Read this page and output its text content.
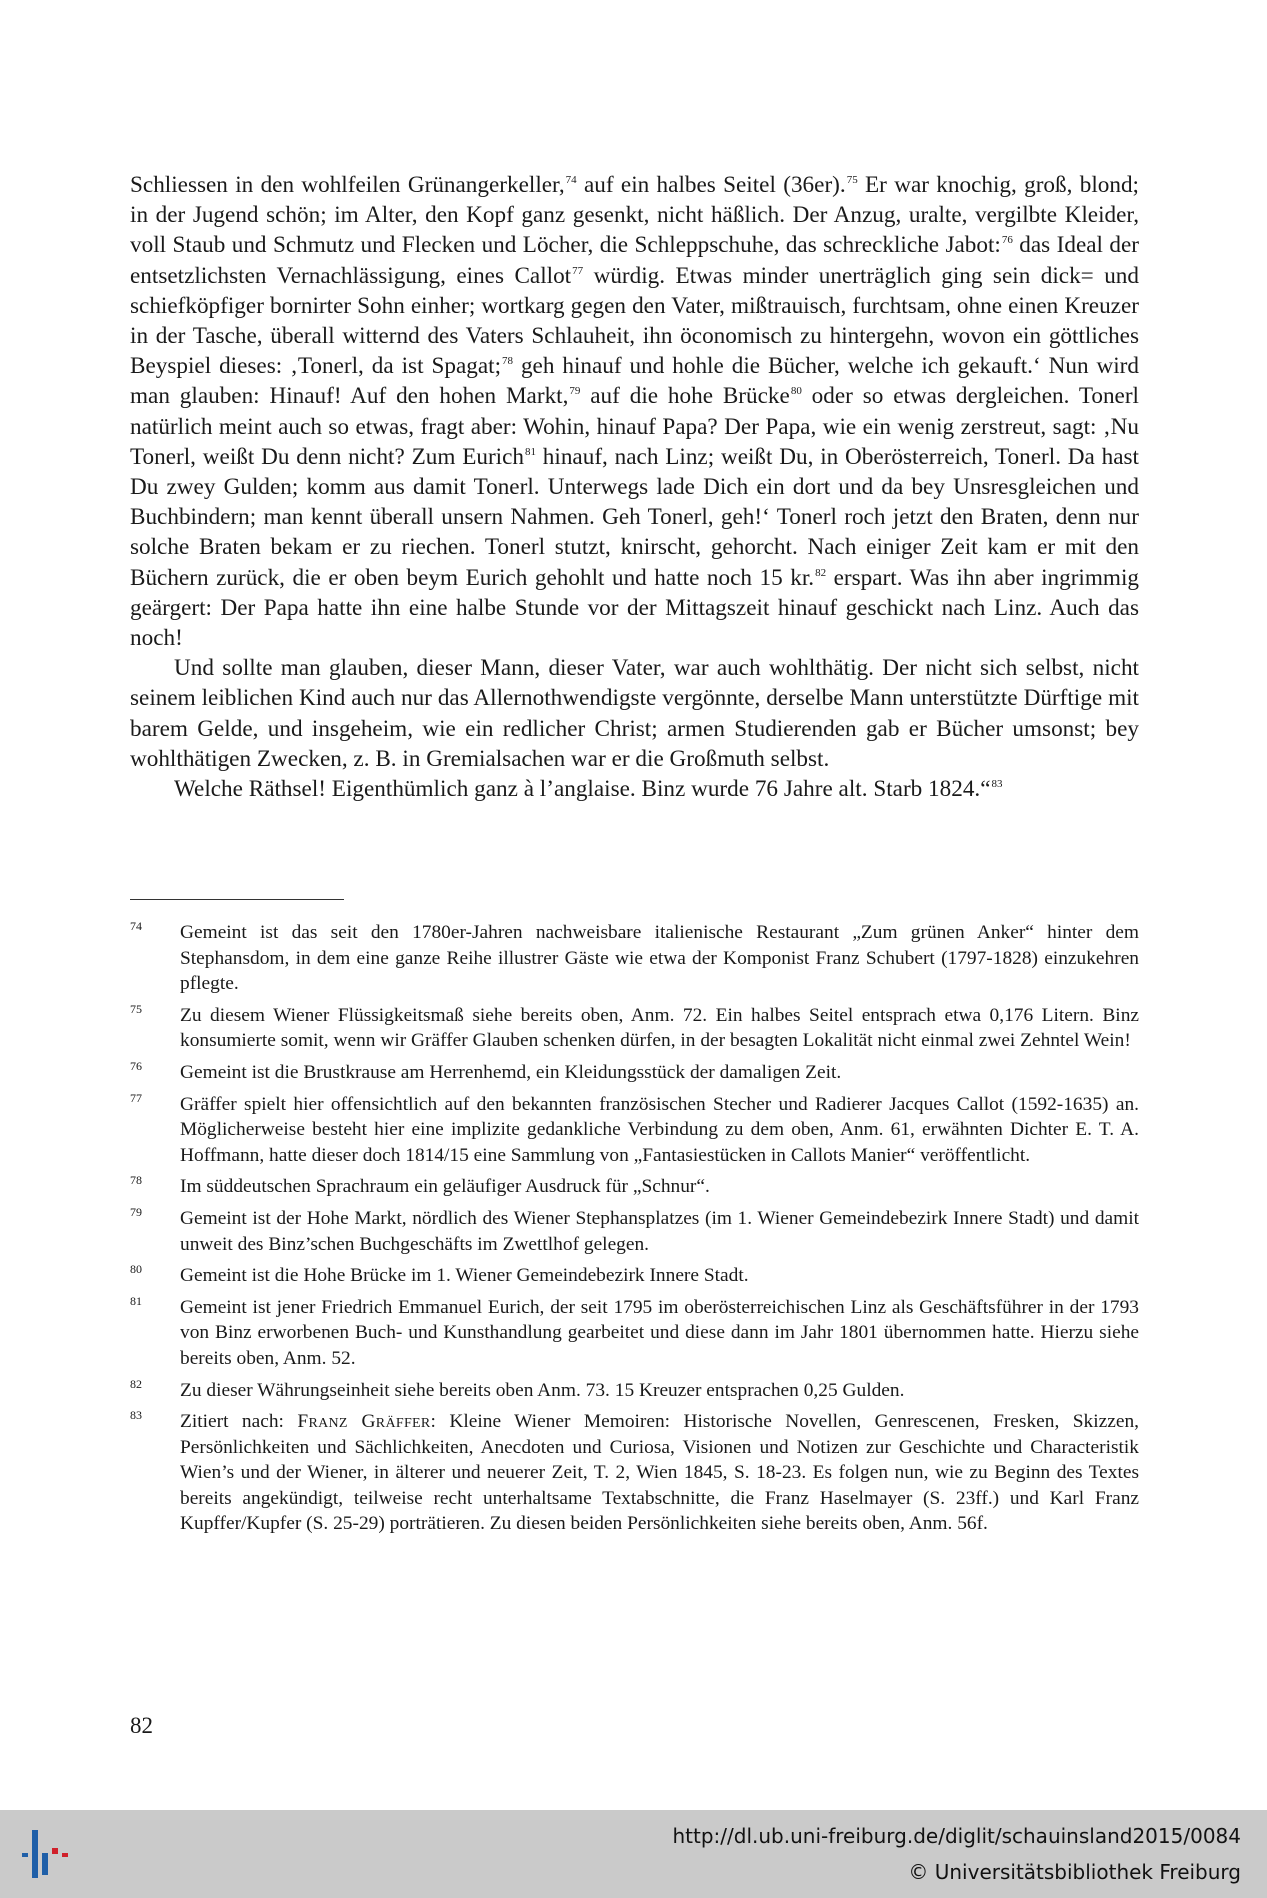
Schliessen in den wohlfeilen Grünangerkeller,$^{74}$ auf ein halbes Seitel (36er).$^{75}$ Er war knochig, groß, blond; in der Jugend schön; im Alter, den Kopf ganz gesenkt, nicht häßlich. Der Anzug, uralte, vergilbte Kleider, voll Staub und Schmutz und Flecken und Löcher, die Schleppschuhe, das schreckliche Jabot:$^{76}$ das Ideal der entsetzlichsten Vernachlässigung, eines Callot$^{77}$ würdig. Etwas minder unerträglich ging sein dick= und schiefköpfiger bornirter Sohn einher; wortkarg gegen den Vater, mißtrauisch, furchtsam, ohne einen Kreuzer in der Tasche, überall witternd des Vaters Schlauheit, ihn öconomisch zu hintergehn, wovon ein göttliches Beyspiel dieses: ‚Tonerl, da ist Spagat;$^{78}$ geh hinauf und hohle die Bücher, welche ich gekauft.‘ Nun wird man glauben: Hinauf! Auf den hohen Markt,$^{79}$ auf die hohe Brücke$^{80}$ oder so etwas dergleichen. Tonerl natürlich meint auch so etwas, fragt aber: Wohin, hinauf Papa? Der Papa, wie ein wenig zerstreut, sagt: ‚Nu Tonerl, weißt Du denn nicht? Zum Eurich$^{81}$ hinauf, nach Linz; weißt Du, in Oberösterreich, Tonerl. Da hast Du zwey Gulden; komm aus damit Tonerl. Unterwegs lade Dich ein dort und da bey Unsresgleichen und Buchbindern; man kennt überall unsern Nahmen. Geh Tonerl, geh!‘ Tonerl roch jetzt den Braten, denn nur solche Braten bekam er zu riechen. Tonerl stutzt, knirscht, gehorcht. Nach einiger Zeit kam er mit den Büchern zurück, die er oben beym Eurich gehohlt und hatte noch 15 kr.$^{82}$ erspart. Was ihn aber ingrimmig geärgert: Der Papa hatte ihn eine halbe Stunde vor der Mittagszeit hinauf geschickt nach Linz. Auch das noch!

Und sollte man glauben, dieser Mann, dieser Vater, war auch wohlthätig. Der nicht sich selbst, nicht seinem leiblichen Kind auch nur das Allernothwendigste vergönnte, derselbe Mann unterstützte Dürftige mit barem Gelde, und insgeheim, wie ein redlicher Christ; armen Studierenden gab er Bücher umsonst; bey wohlthätigen Zwecken, z. B. in Gremialsachen war er die Großmuth selbst.

Welche Räthsel! Eigenthümlich ganz à l’anglaise. Binz wurde 76 Jahre alt. Starb 1824.“$^{83}$

74 Gemeint ist das seit den 1780er-Jahren nachweisbare italienische Restaurant „Zum grünen Anker“ hinter dem Stephansdom, in dem eine ganze Reihe illustrer Gäste wie etwa der Komponist Franz Schubert (1797-1828) einzukehren pflegte.
75 Zu diesem Wiener Flüssigkeitsmaß siehe bereits oben, Anm. 72. Ein halbes Seitel entsprach etwa 0,176 Litern. Binz konsumierte somit, wenn wir Gräffer Glauben schenken dürfen, in der besagten Lokalität nicht einmal zwei Zehntel Wein!
76 Gemeint ist die Brustkrause am Herrenhemd, ein Kleidungsstück der damaligen Zeit.
77 Gräffer spielt hier offensichtlich auf den bekannten französischen Stecher und Radierer Jacques Callot (1592-1635) an. Möglicherweise besteht hier eine implizite gedankliche Verbindung zu dem oben, Anm. 61, erwähnten Dichter E. T. A. Hoffmann, hatte dieser doch 1814/15 eine Sammlung von „Fantasiestücken in Callots Manier“ veröffentlicht.
78 Im süddeutschen Sprachraum ein geläufiger Ausdruck für „Schnur“.
79 Gemeint ist der Hohe Markt, nördlich des Wiener Stephansplatzes (im 1. Wiener Gemeindebezirk Innere Stadt) und damit unweit des Binz’schen Buchgeschäfts im Zwettlhof gelegen.
80 Gemeint ist die Hohe Brücke im 1. Wiener Gemeindebezirk Innere Stadt.
81 Gemeint ist jener Friedrich Emmanuel Eurich, der seit 1795 im oberösterreichischen Linz als Geschäftsführer in der 1793 von Binz erworbenen Buch- und Kunsthandlung gearbeitet und diese dann im Jahr 1801 übernommen hatte. Hierzu siehe bereits oben, Anm. 52.
82 Zu dieser Währungseinheit siehe bereits oben Anm. 73. 15 Kreuzer entsprachen 0,25 Gulden.
83 Zitiert nach: Franz Gräffer: Kleine Wiener Memoiren: Historische Novellen, Genrescenen, Fresken, Skizzen, Persönlichkeiten und Sächlichkeiten, Anecdoten und Curiosa, Visionen und Notizen zur Geschichte und Characteristik Wien’s und der Wiener, in älterer und neuerer Zeit, T. 2, Wien 1845, S. 18-23. Es folgen nun, wie zu Beginn des Textes bereits angekündigt, teilweise recht unterhaltsame Textabschnitte, die Franz Haselmayer (S. 23ff.) und Karl Franz Kupffer/Kupfer (S. 25-29) porträtieren. Zu diesen beiden Persönlichkeiten siehe bereits oben, Anm. 56f.
82
http://dl.ub.uni-freiburg.de/diglit/schauinsland2015/0084
© Universitätsbibliothek Freiburg
